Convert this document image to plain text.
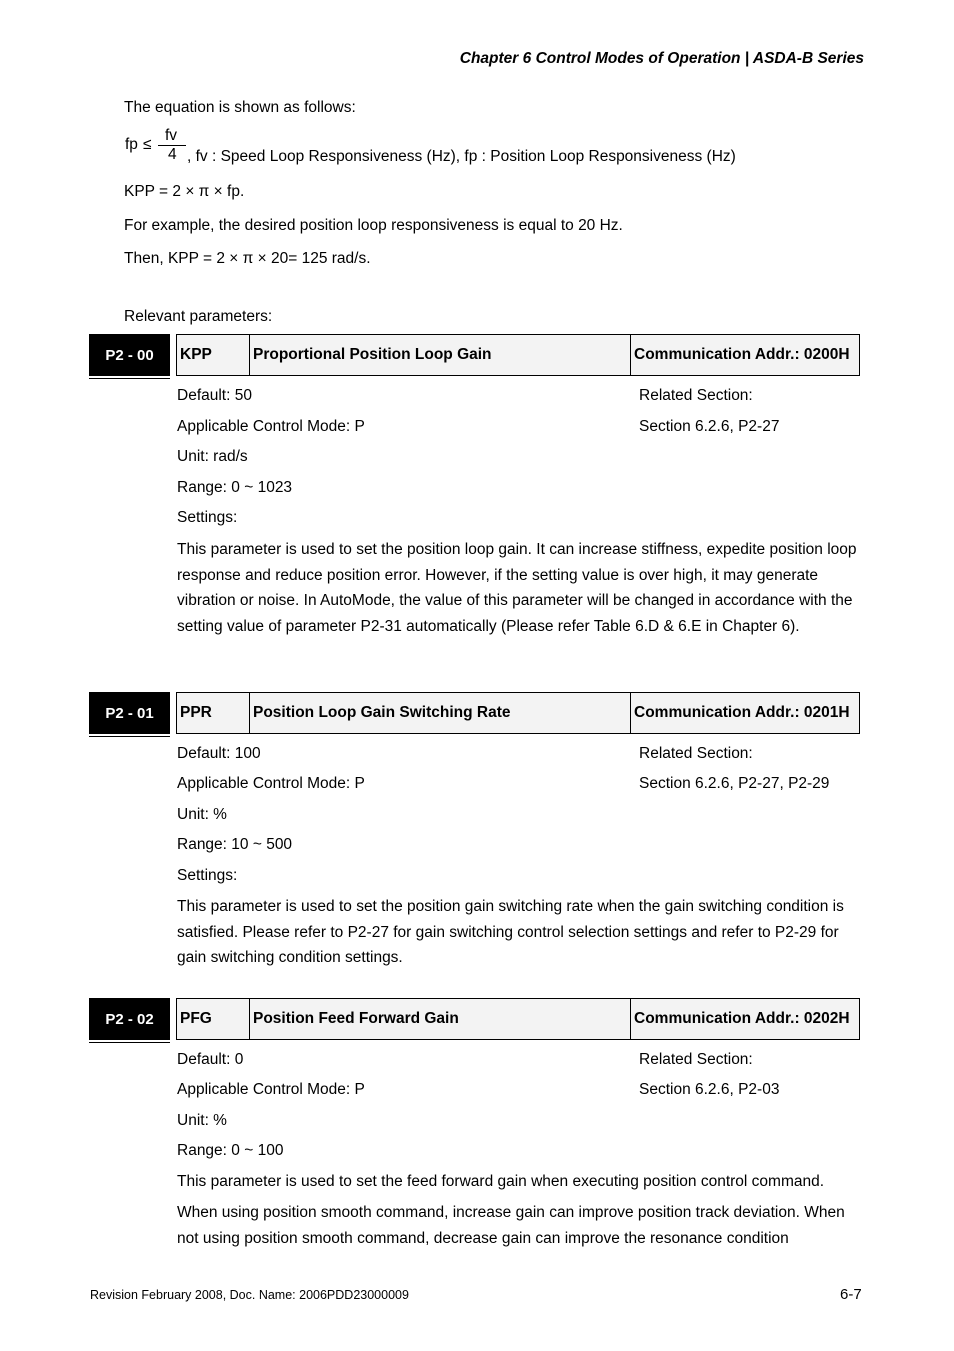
Chapter 6 Control Modes of Operation | ASDA-B Series
The equation is shown as follows:
fp ≤
fv
4 , fv : Speed Loop Responsiveness (Hz), fp : Position Loop Responsiveness (Hz)
KPP = 2 × π × fp.
For example, the desired position loop responsiveness is equal to 20 Hz.
Then, KPP = 2 × π × 20= 125 rad/s.
Relevant parameters:
P2 - 00	KPP	Proportional Position Loop Gain	Communication Addr.: 0200H
Default: 50	Related Section:
Applicable Control Mode: P	Section 6.2.6, P2-27
Unit: rad/s
Range: 0 ~ 1023
Settings:
This parameter is used to set the position loop gain. It can increase stiffness, expedite position loop response and reduce position error. However, if the setting value is over high, it may generate vibration or noise. In AutoMode, the value of this parameter will be changed in accordance with the setting value of parameter P2-31 automatically (Please refer Table 6.D & 6.E in Chapter 6).
P2 - 01	PPR	Position Loop Gain Switching Rate	Communication Addr.: 0201H
Default: 100	Related Section:
Applicable Control Mode: P	Section 6.2.6, P2-27, P2-29
Unit: %
Range: 10 ~ 500
Settings:
This parameter is used to set the position gain switching rate when the gain switching condition is satisfied. Please refer to P2-27 for gain switching control selection settings and refer to P2-29 for gain switching condition settings.
P2 - 02	PFG	Position Feed Forward Gain	Communication Addr.: 0202H
Default: 0	Related Section:
Applicable Control Mode: P	Section 6.2.6, P2-03
Unit: %
Range: 0 ~ 100
This parameter is used to set the feed forward gain when executing position control command.
When using position smooth command, increase gain can improve position track deviation. When not using position smooth command, decrease gain can improve the resonance condition
Revision February 2008, Doc. Name: 2006PDD23000009	6-7
